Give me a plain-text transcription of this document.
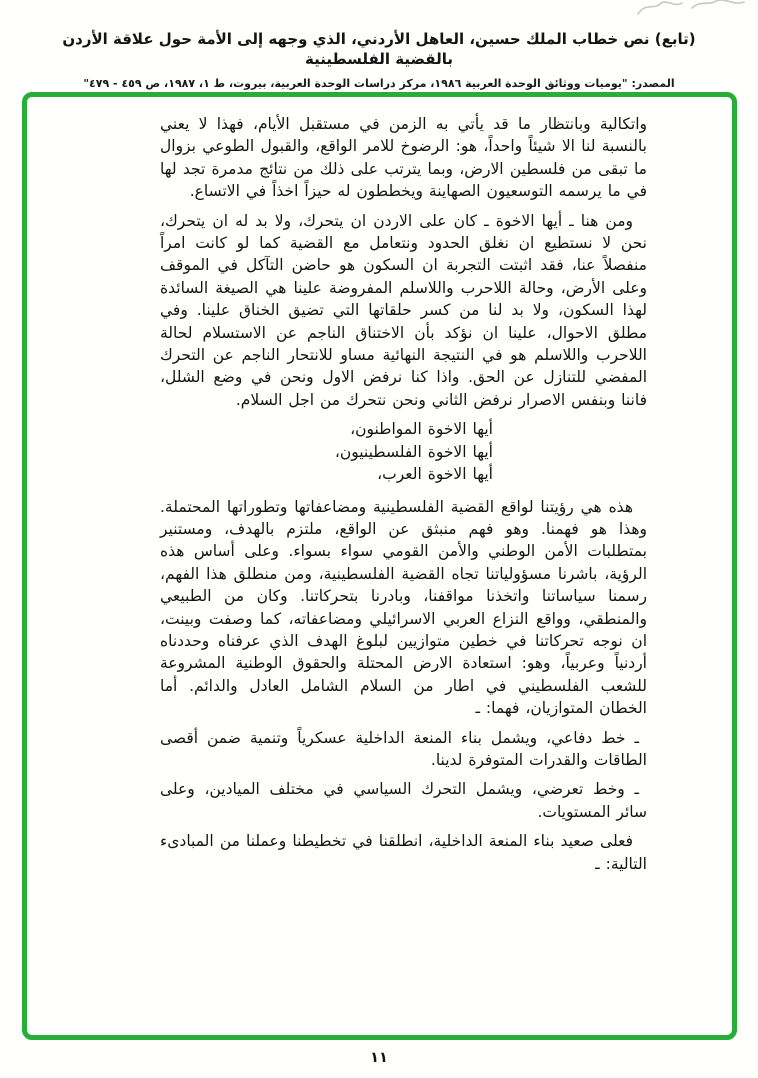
(تابع) نص خطاب الملك حسين، العاهل الأردني، الذي وجهه إلى الأمة حول علاقة الأردن بالقضية الفلسطينية
المصدر: "يوميات ووثائق الوحدة العربية ١٩٨٦، مركز دراسات الوحدة العربية، بيروت، ط ١، ١٩٨٧، ص ٤٥٩ - ٤٧٩"

واتكالية وبانتظار ما قد يأتي به الزمن في مستقبل الأيام، فهذا لا يعني بالنسبة لنا الا شيئاً واحداً، هو: الرضوخ للامر الواقع، والقبول الطوعي بزوال ما تبقى من فلسطين الارض، وبما يترتب على ذلك من نتائج مدمرة تجد لها في ما يرسمه التوسعيون الصهاينة ويخططون له حيزاً اخذاً في الاتساع.

ومن هنا ـ أيها الاخوة ـ كان على الاردن ان يتحرك، ولا بد له ان يتحرك، نحن لا نستطيع ان نغلق الحدود ونتعامل مع القضية كما لو كانت امراً منفصلاً عنا، فقد اثبتت التجربة ان السكون هو حاضن التآكل في الموقف وعلى الأرض، وحالة اللاحرب واللاسلم المفروضة علينا هي الصيغة السائدة لهذا السكون، ولا بد لنا من كسر حلقاتها التي تضيق الخناق علينا. وفي مطلق الاحوال، علينا ان نؤكد بأن الاختناق الناجم عن الاستسلام لحالة اللاحرب واللاسلم هو في النتيجة النهائية مساو للانتحار الناجم عن التحرك المفضي للتنازل عن الحق. واذا كنا نرفض الاول ونحن في وضع الشلل، فاننا وبنفس الاصرار نرفض الثاني ونحن نتحرك من اجل السلام.

أيها الاخوة المواطنون،
أيها الاخوة الفلسطينيون،
أيها الاخوة العرب،

هذه هي رؤيتنا لواقع القضية الفلسطينية ومضاعفاتها وتطوراتها المحتملة. وهذا هو فهمنا. وهو فهم منبثق عن الواقع، ملتزم بالهدف، ومستنير بمتطلبات الأمن الوطني والأمن القومي سواء بسواء. وعلى أساس هذه الرؤية، باشرنا مسؤولياتنا تجاه القضية الفلسطينية، ومن منطلق هذا الفهم، رسمنا سياساتنا واتخذنا مواقفنا، وبادرنا بتحركاتنا. وكان من الطبيعي والمنطقي، وواقع النزاع العربي الاسرائيلي ومضاعفاته، كما وصفت وبينت، ان نوجه تحركاتنا في خطين متوازيين لبلوغ الهدف الذي عرفناه وحددناه أردنياً وعربياً، وهو: استعادة الارض المحتلة والحقوق الوطنية المشروعة للشعب الفلسطيني في اطار من السلام الشامل العادل والدائم. أما الخطان المتوازيان، فهما: ـ

ـ خط دفاعي، ويشمل بناء المنعة الداخلية عسكرياً وتنمية ضمن أقصى الطاقات والقدرات المتوفرة لدينا.

ـ وخط تعرضي، ويشمل التحرك السياسي في مختلف الميادين، وعلى سائر المستويات.

فعلى صعيد بناء المنعة الداخلية، انطلقنا في تخطيطنا وعملنا من المبادىء التالية: ـ

١١
